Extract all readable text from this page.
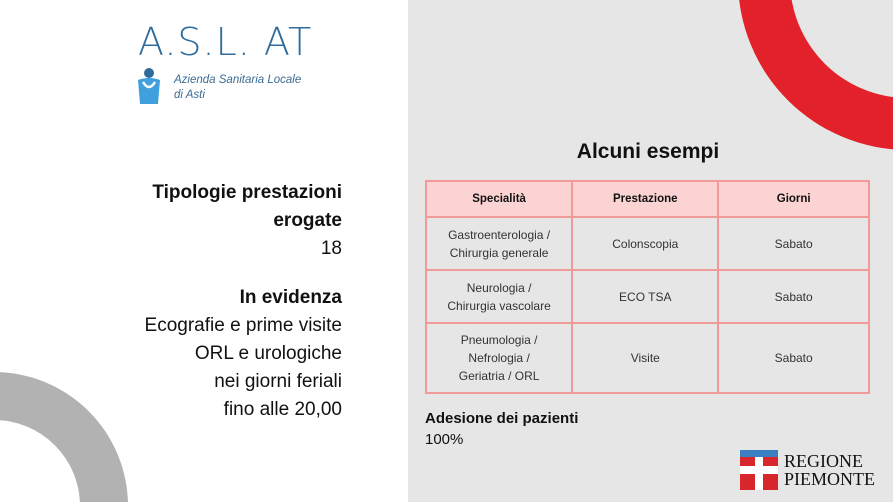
A.S.L. AT
Azienda Sanitaria Locale
di Asti
Tipologie prestazioni
erogate
18
In evidenza
Ecografie e prime visite
ORL e urologiche
nei giorni feriali
fino alle 20,00
Alcuni esempi
Specialità	Prestazione	Giorni

Gastroenterologia /
Chirurgia generale	Colonscopia	Sabato

Neurologia /
Chirurgia vascolare	ECO TSA	Sabato

Pneumologia /
Nefrologia /
Geriatria / ORL	Visite	Sabato
Adesione dei pazienti
100%
REGIONE
PIEMONTE
